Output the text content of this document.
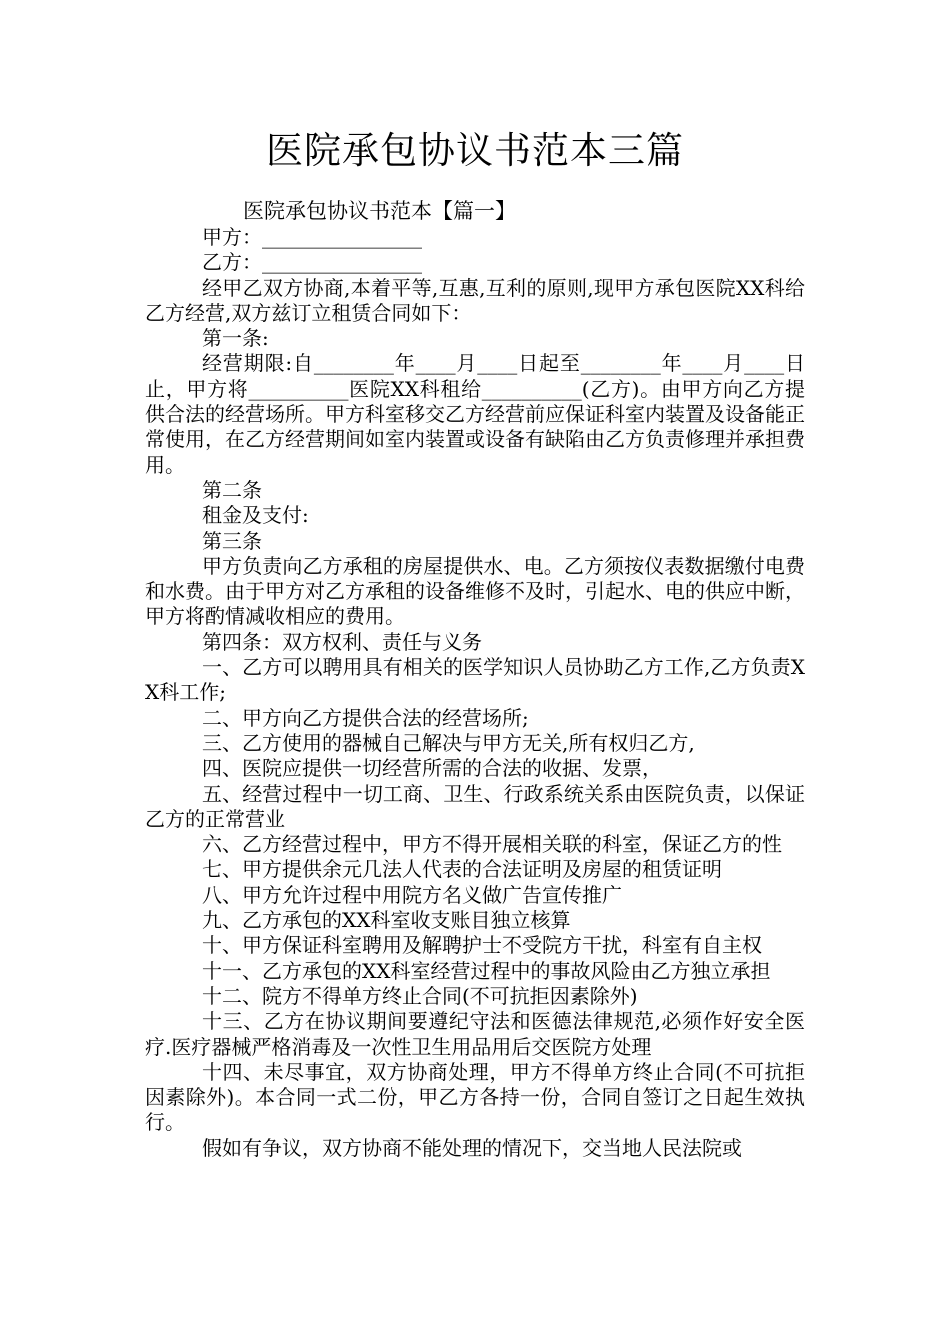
医院承包协议书范本三篇
医院承包协议书范本【篇一】

甲方：________________

乙方：________________

经甲乙双方协商,本着平等,互惠,互利的原则,现甲方承包医院XX科给乙方经营,双方兹订立租赁合同如下：

第一条:

经营期限:自________年____月____日起至________年____月____日止，甲方将__________医院XX科租给__________(乙方)。由甲方向乙方提供合法的经营场所。甲方科室移交乙方经营前应保证科室内装置及设备能正常使用，在乙方经营期间如室内装置或设备有缺陷由乙方负责修理并承担费用。

第二条

租金及支付:

第三条

甲方负责向乙方承租的房屋提供水、电。乙方须按仪表数据缴付电费和水费。由于甲方对乙方承租的设备维修不及时，引起水、电的供应中断，甲方将酌情减收相应的费用。

第四条：双方权利、责任与义务

一、乙方可以聘用具有相关的医学知识人员协助乙方工作,乙方负责XX科工作;

二、甲方向乙方提供合法的经营场所;

三、乙方使用的器械自己解决与甲方无关,所有权归乙方,

四、医院应提供一切经营所需的合法的收据、发票，

五、经营过程中一切工商、卫生、行政系统关系由医院负责，以保证乙方的正常营业

六、乙方经营过程中，甲方不得开展相关联的科室，保证乙方的性

七、甲方提供余元几法人代表的合法证明及房屋的租赁证明

八、甲方允许过程中用院方名义做广告宣传推广

九、乙方承包的XX科室收支账目独立核算

十、甲方保证科室聘用及解聘护士不受院方干扰，科室有自主权

十一、乙方承包的XX科室经营过程中的事故风险由乙方独立承担

十二、院方不得单方终止合同(不可抗拒因素除外)

十三、乙方在协议期间要遵纪守法和医德法律规范,必须作好安全医疗.医疗器械严格消毒及一次性卫生用品用后交医院方处理

十四、未尽事宜，双方协商处理，甲方不得单方终止合同(不可抗拒因素除外)。本合同一式二份，甲乙方各持一份，合同自签订之日起生效执行。

假如有争议，双方协商不能处理的情况下，交当地人民法院或
